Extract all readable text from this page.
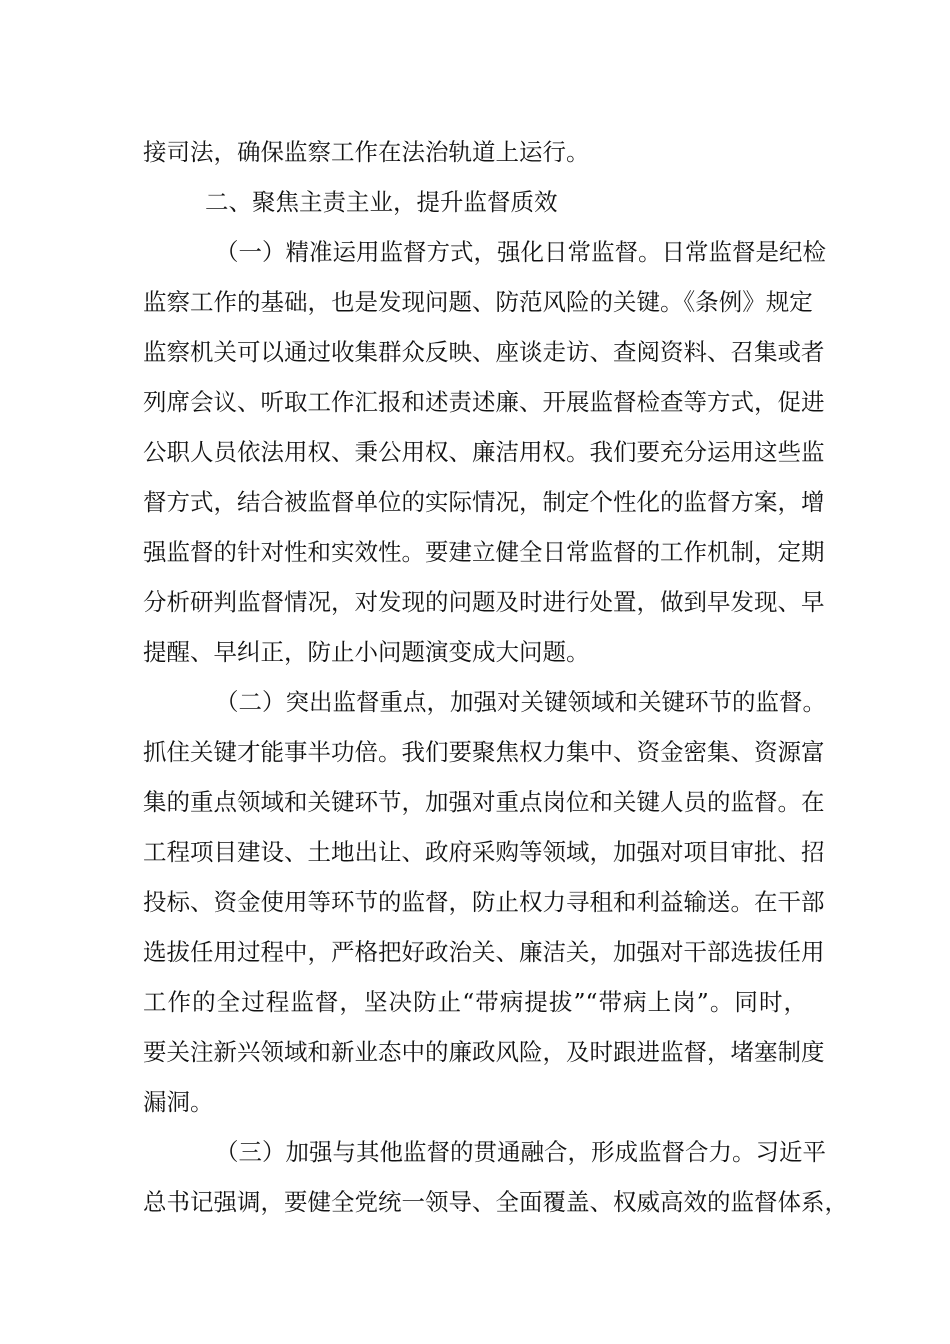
接司法，确保监察工作在法治轨道上运行。
二、聚焦主责主业，提升监督质效
（一）精准运用监督方式，强化日常监督。日常监督是纪检
监察工作的基础，也是发现问题、防范风险的关键。《条例》规定
监察机关可以通过收集群众反映、座谈走访、查阅资料、召集或者
列席会议、听取工作汇报和述责述廉、开展监督检查等方式，促进
公职人员依法用权、秉公用权、廉洁用权。我们要充分运用这些监
督方式，结合被监督单位的实际情况，制定个性化的监督方案，增
强监督的针对性和实效性。要建立健全日常监督的工作机制，定期
分析研判监督情况，对发现的问题及时进行处置，做到早发现、早
提醒、早纠正，防止小问题演变成大问题。
（二）突出监督重点，加强对关键领域和关键环节的监督。
抓住关键才能事半功倍。我们要聚焦权力集中、资金密集、资源富
集的重点领域和关键环节，加强对重点岗位和关键人员的监督。在
工程项目建设、土地出让、政府采购等领域，加强对项目审批、招
投标、资金使用等环节的监督，防止权力寻租和利益输送。在干部
选拔任用过程中，严格把好政治关、廉洁关，加强对干部选拔任用
工作的全过程监督，坚决防止“带病提拔”“带病上岗”。同时，
要关注新兴领域和新业态中的廉政风险，及时跟进监督，堵塞制度
漏洞。
（三）加强与其他监督的贯通融合，形成监督合力。习近平
总书记强调，要健全党统一领导、全面覆盖、权威高效的监督体系，
